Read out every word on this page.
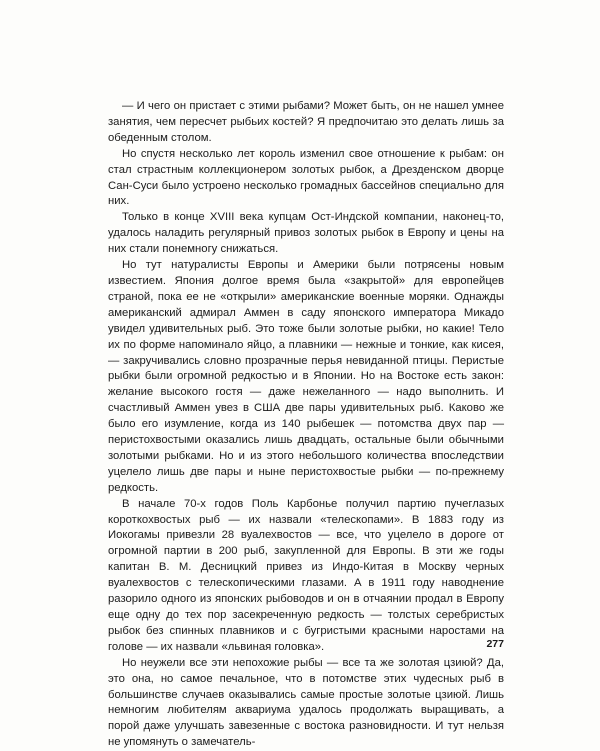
— И чего он пристает с этими рыбами? Может быть, он не нашел умнее занятия, чем пересчет рыбьих костей? Я предпочитаю это делать лишь за обеденным столом.

Но спустя несколько лет король изменил свое отношение к рыбам: он стал страстным коллекционером золотых рыбок, а Дрезденском дворце Сан-Суси было устроено несколько громадных бассейнов специально для них.

Только в конце XVIII века купцам Ост-Индской компании, наконец-то, удалось наладить регулярный привоз золотых рыбок в Европу и цены на них стали понемногу снижаться.

Но тут натуралисты Европы и Америки были потрясены новым известием. Япония долгое время была «закрытой» для европейцев страной, пока ее не «открыли» американские военные моряки. Однажды американский адмирал Аммен в саду японского императора Микадо увидел удивительных рыб. Это тоже были золотые рыбки, но какие! Тело их по форме напоминало яйцо, а плавники — нежные и тонкие, как кисея,— закручивались словно прозрачные перья невиданной птицы. Перистые рыбки были огромной редкостью и в Японии. Но на Востоке есть закон: желание высокого гостя — даже нежеланного — надо выполнить. И счастливый Аммен увез в США две пары удивительных рыб. Каково же было его изумление, когда из 140 рыбешек — потомства двух пар — перистохвостыми оказались лишь двадцать, остальные были обычными золотыми рыбками. Но и из этого небольшого количества впоследствии уцелело лишь две пары и ныне перистохвостые рыбки — по-прежнему редкость.

В начале 70-х годов Поль Карбонье получил партию пучеглазых короткохвостых рыб — их назвали «телескопами». В 1883 году из Иокогамы привезли 28 вуалехвостов — все, что уцелело в дороге от огромной партии в 200 рыб, закупленной для Европы. В эти же годы капитан В. М. Десницкий привез из Индо-Китая в Москву черных вуалехвостов с телескопическими глазами. А в 1911 году наводнение разорило одного из японских рыбоводов и он в отчаянии продал в Европу еще одну до тех пор засекреченную редкость — толстых серебристых рыбок без спинных плавников и с бугристыми красными наростами на голове — их назвали «львиная головка».

Но неужели все эти непохожие рыбы — все та же золотая цзиюй? Да, это она, но самое печальное, что в потомстве этих чудесных рыб в большинстве случаев оказывались самые простые золотые цзиюй. Лишь немногим любителям аквариума удалось продолжать выращивать, а порой даже улучшать завезенные с востока разновидности. И тут нельзя не упомянуть о замечатель-

277
